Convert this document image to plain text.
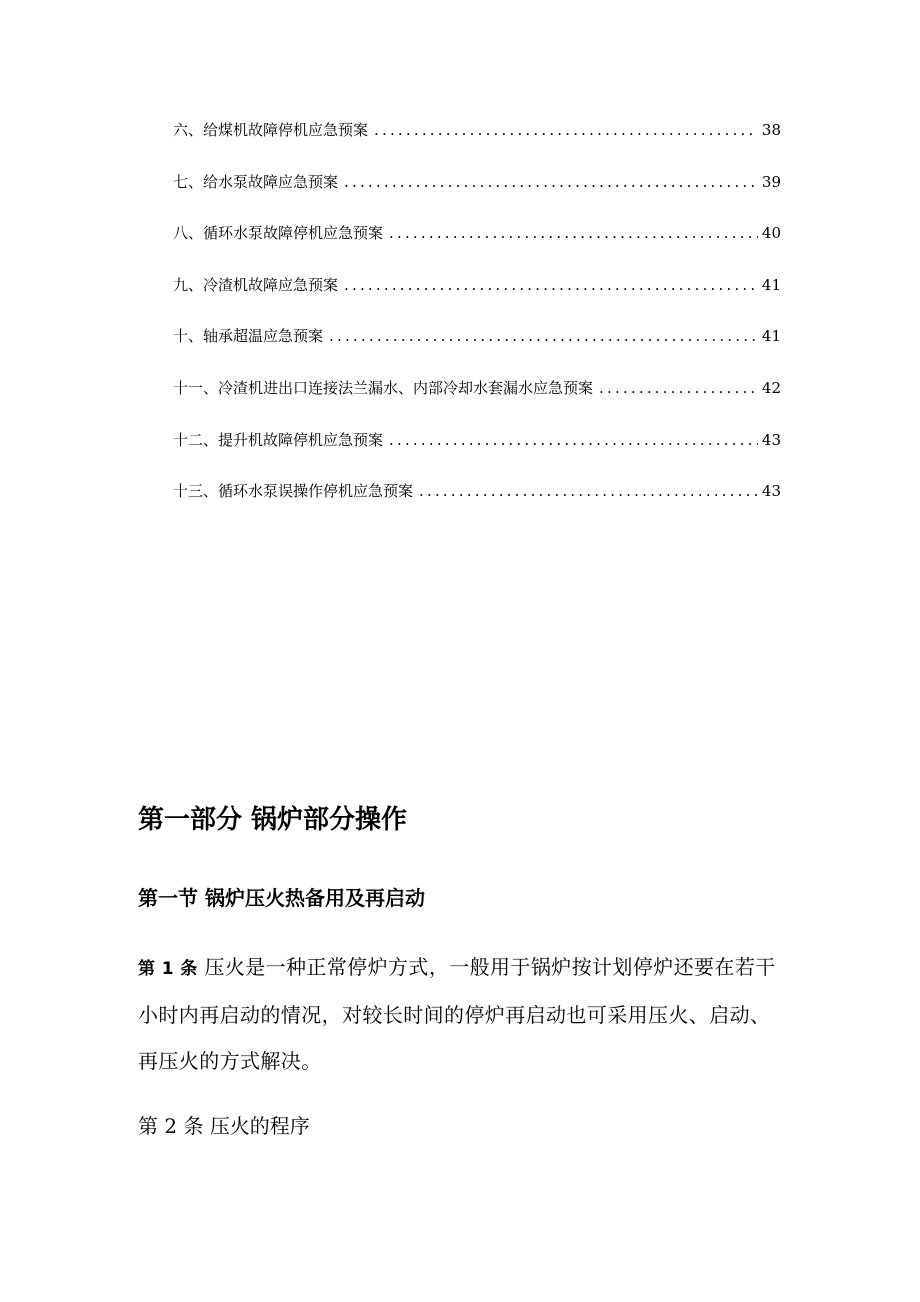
六、给煤机故障停机应急预案 .....	38
七、给水泵故障应急预案 .....	39
八、循环水泵故障停机应急预案 .....	40
九、冷渣机故障应急预案 .....	41
十、轴承超温应急预案 .....	41
十一、冷渣机进出口连接法兰漏水、内部冷却水套漏水应急预案 .....	42
十二、提升机故障停机应急预案 .....	43
十三、循环水泵误操作停机应急预案 .....	43
第一部分 锅炉部分操作
第一节 锅炉压火热备用及再启动

第 1 条 压火是一种正常停炉方式，一般用于锅炉按计划停炉还要在若干小时内再启动的情况，对较长时间的停炉再启动也可采用压火、启动、再压火的方式解决。

第 2 条 压火的程序
